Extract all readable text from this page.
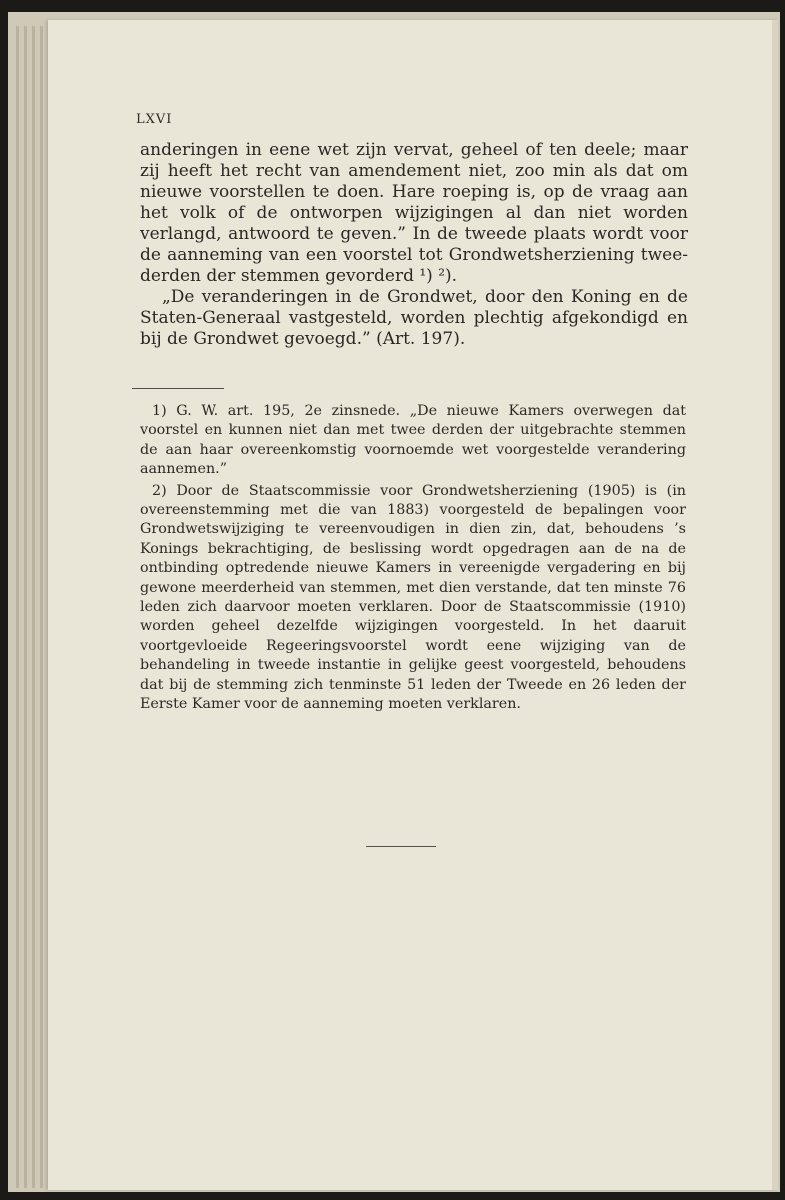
LXVI

anderingen in eene wet zijn vervat, geheel of ten deele; maar zij heeft het recht van amendement niet, zoo min als dat om nieuwe voorstellen te doen. Hare roeping is, op de vraag aan het volk of de ontworpen wijzigingen al dan niet worden verlangd, antwoord te geven.” In de tweede plaats wordt voor de aanneming van een voorstel tot Grondwetsherziening twee-derden der stemmen gevorderd ¹) ²).

„De veranderingen in de Grondwet, door den Koning en de Staten-Generaal vastgesteld, worden plechtig afgekondigd en bij de Grondwet gevoegd.” (Art. 197).

1) G. W. art. 195, 2e zinsnede. „De nieuwe Kamers overwegen dat voorstel en kunnen niet dan met twee derden der uitgebrachte stemmen de aan haar overeenkomstig voornoemde wet voorgestelde verandering aannemen.”

2) Door de Staatscommissie voor Grondwetsherziening (1905) is (in overeenstemming met die van 1883) voorgesteld de bepalingen voor Grondwetswijziging te vereenvoudigen in dien zin, dat, behoudens ’s Konings bekrachtiging, de beslissing wordt opgedragen aan de na de ontbinding optredende nieuwe Kamers in vereenigde vergadering en bij gewone meerderheid van stemmen, met dien verstande, dat ten minste 76 leden zich daarvoor moeten verklaren. Door de Staatscommissie (1910) worden geheel dezelfde wijzigingen voorgesteld. In het daaruit voortgevloeide Regeeringsvoorstel wordt eene wijziging van de behandeling in tweede instantie in gelijke geest voorgesteld, behoudens dat bij de stemming zich tenminste 51 leden der Tweede en 26 leden der Eerste Kamer voor de aanneming moeten verklaren.
